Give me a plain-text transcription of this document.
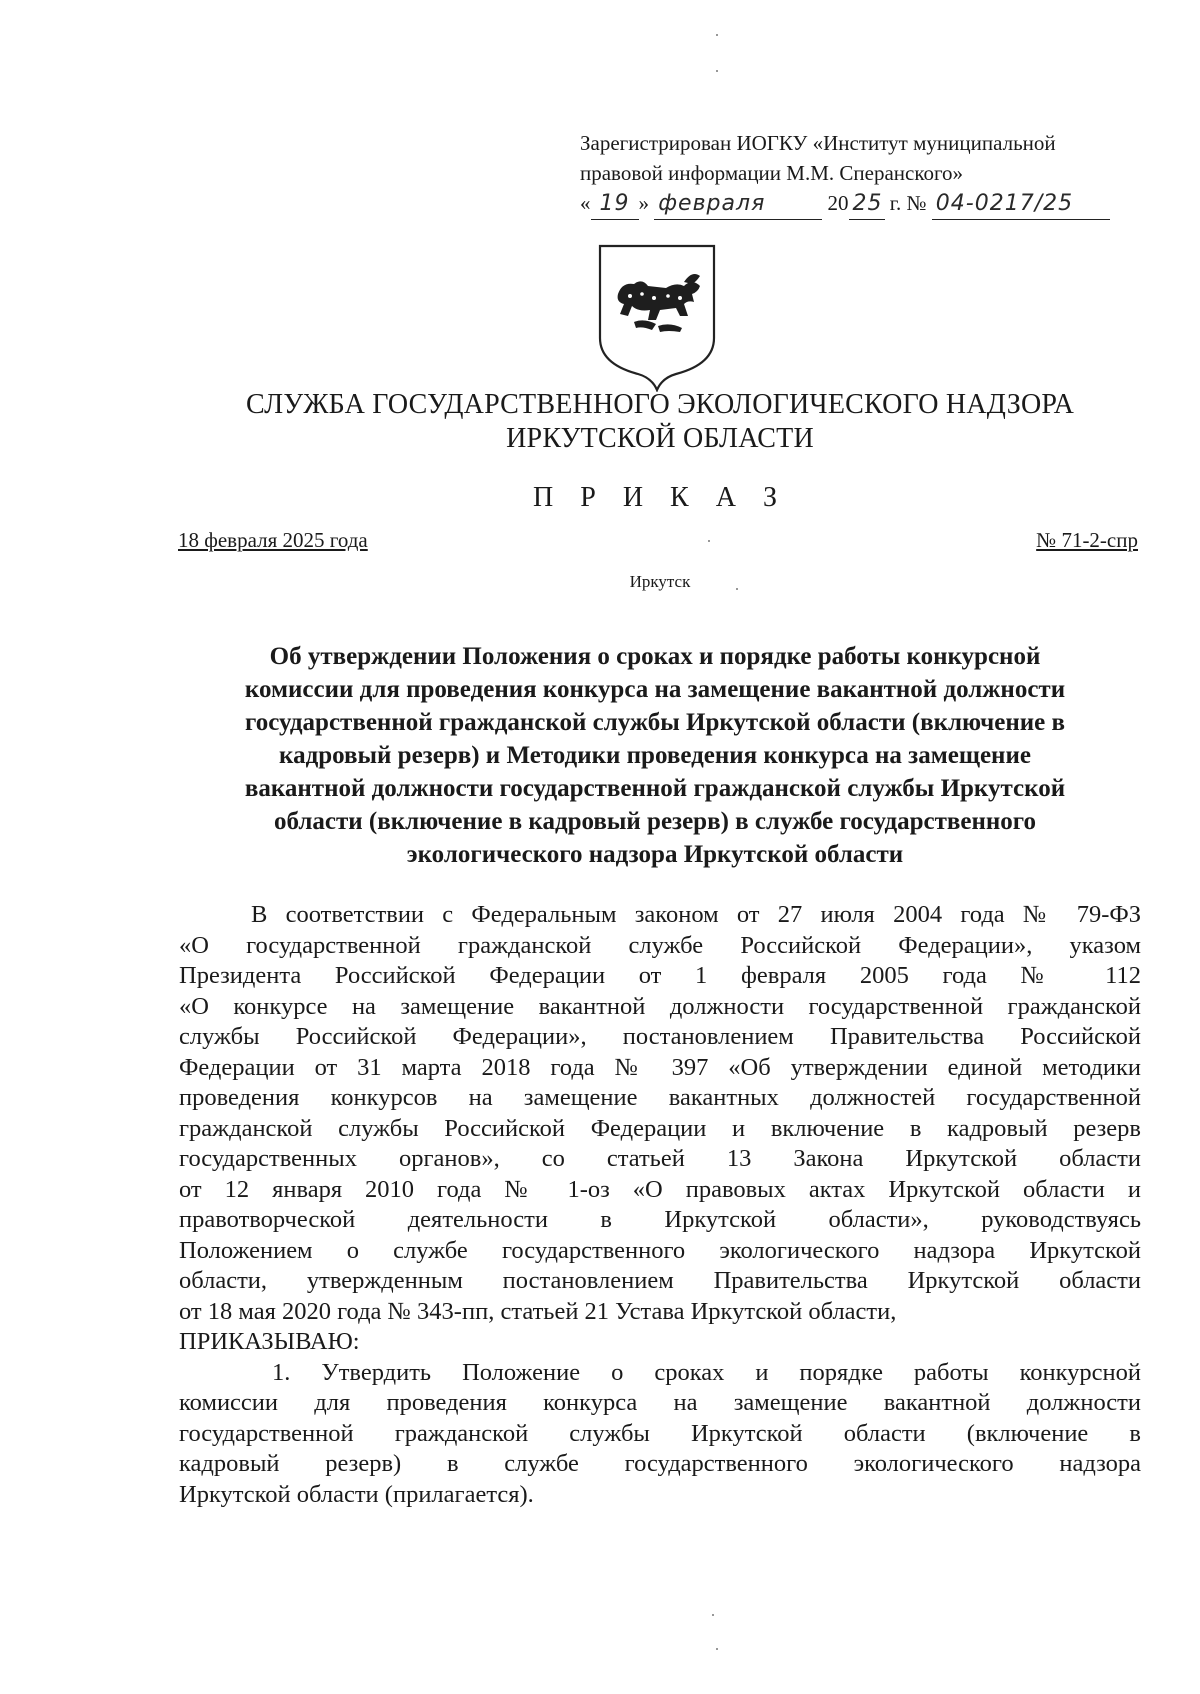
Зарегистрирован ИОГКУ «Институт муниципальной
правовой информации М.М. Сперанского»
« 19 » февраля	20 25 г. № 04-0217/25
СЛУЖБА ГОСУДАРСТВЕННОГО ЭКОЛОГИЧЕСКОГО НАДЗОРА
ИРКУТСКОЙ ОБЛАСТИ
П Р И К А З
18 февраля 2025 года	№ 71-2-спр
Иркутск
Об утверждении Положения о сроках и порядке работы конкурсной
комиссии для проведения конкурса на замещение вакантной должности
государственной гражданской службы Иркутской области (включение в
кадровый резерв) и Методики проведения конкурса на замещение
вакантной должности государственной гражданской службы Иркутской
области (включение в кадровый резерв) в службе государственного
экологического надзора Иркутской области
В соответствии с Федеральным законом от 27 июля 2004 года № 79-ФЗ
«О государственной гражданской службе Российской Федерации», указом
Президента Российской Федерации от 1 февраля 2005 года № 112
«О конкурсе на замещение вакантной должности государственной гражданской
службы Российской Федерации», постановлением Правительства Российской
Федерации от 31 марта 2018 года № 397 «Об утверждении единой методики
проведения конкурсов на замещение вакантных должностей государственной
гражданской службы Российской Федерации и включение в кадровый резерв
государственных органов», со статьей 13 Закона Иркутской области
от 12 января 2010 года № 1-оз «О правовых актах Иркутской области и
правотворческой деятельности в Иркутской области», руководствуясь
Положением о службе государственного экологического надзора Иркутской
области, утвержденным постановлением Правительства Иркутской области
от 18 мая 2020 года № 343-пп, статьей 21 Устава Иркутской области,
ПРИКАЗЫВАЮ:
1. Утвердить Положение о сроках и порядке работы конкурсной
комиссии для проведения конкурса на замещение вакантной должности
государственной гражданской службы Иркутской области (включение в
кадровый резерв) в службе государственного экологического надзора
Иркутской области (прилагается).
